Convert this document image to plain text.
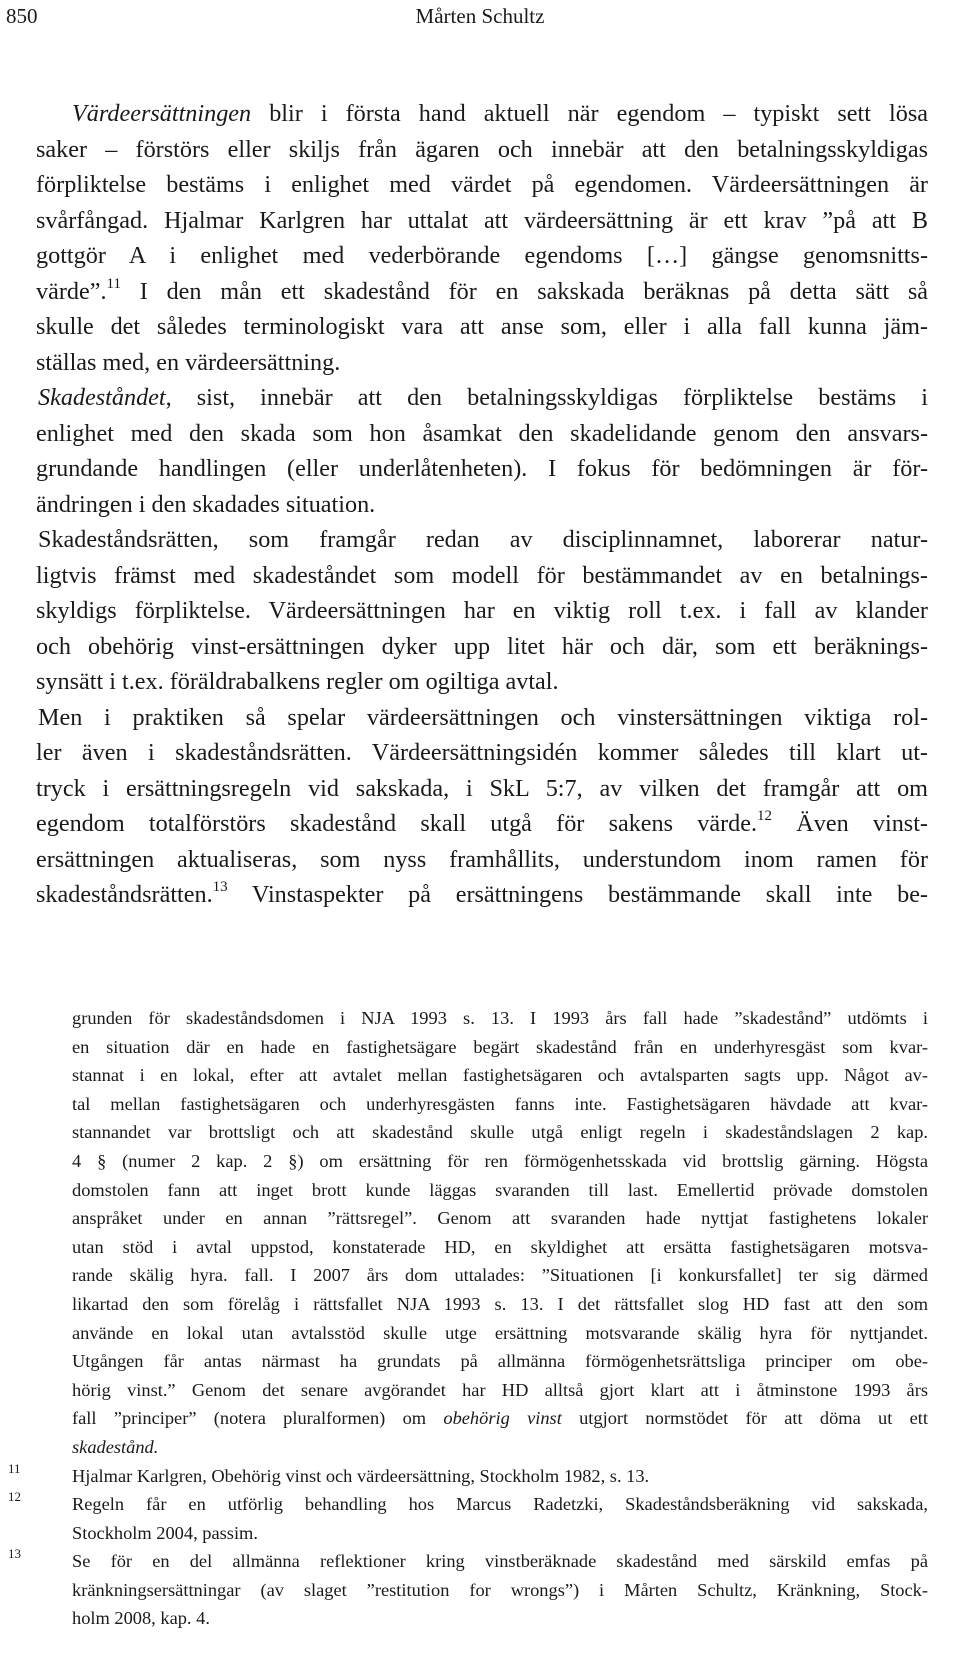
850	Mårten Schultz
Värdeersättningen blir i första hand aktuell när egendom – typiskt sett lösa
saker – förstörs eller skiljs från ägaren och innebär att den betalningsskyldigas
förpliktelse bestäms i enlighet med värdet på egendomen. Värdeersättningen är
svårfångad. Hjalmar Karlgren har uttalat att värdeersättning är ett krav ”på att B
gottgör A i enlighet med vederbörande egendoms […] gängse genomsnitts-
värde”.$^{11}$ I den mån ett skadestånd för en sakskada beräknas på detta sätt så
skulle det således terminologiskt vara att anse som, eller i alla fall kunna jäm-
ställas med, en värdeersättning.
Skadeståndet, sist, innebär att den betalningsskyldigas förpliktelse bestäms i
enlighet med den skada som hon åsamkat den skadelidande genom den ansvars-
grundande handlingen (eller underlåtenheten). I fokus för bedömningen är för-
ändringen i den skadades situation.
Skadeståndsrätten, som framgår redan av disciplinnamnet, laborerar natur-
ligtvis främst med skadeståndet som modell för bestämmandet av en betalnings-
skyldigs förpliktelse. Värdeersättningen har en viktig roll t.ex. i fall av klander
och obehörig vinst-ersättningen dyker upp litet här och där, som ett beräknings-
synsätt i t.ex. föräldrabalkens regler om ogiltiga avtal.
Men i praktiken så spelar värdeersättningen och vinstersättningen viktiga rol-
ler även i skadeståndsrätten. Värdeersättningsidén kommer således till klart ut-
tryck i ersättningsregeln vid sakskada, i SkL 5:7, av vilken det framgår att om
egendom totalförstörs skadestånd skall utgå för sakens värde.$^{12}$ Även vinst-
ersättningen aktualiseras, som nyss framhållits, understundom inom ramen för
skadeståndsrätten.$^{13}$ Vinstaspekter på ersättningens bestämmande skall inte be-
grunden för skadeståndsdomen i NJA 1993 s. 13. I 1993 års fall hade ”skadestånd” utdömts i
en situation där en hade en fastighetsägare begärt skadestånd från en underhyresgäst som kvar-
stannat i en lokal, efter att avtalet mellan fastighetsägaren och avtalsparten sagts upp. Något av-
tal mellan fastighetsägaren och underhyresgästen fanns inte. Fastighetsägaren hävdade att kvar-
stannandet var brottsligt och att skadestånd skulle utgå enligt regeln i skadeståndslagen 2 kap.
4 § (numer 2 kap. 2 §) om ersättning för ren förmögenhetsskada vid brottslig gärning. Högsta
domstolen fann att inget brott kunde läggas svaranden till last. Emellertid prövade domstolen
anspråket under en annan ”rättsregel”. Genom att svaranden hade nyttjat fastighetens lokaler
utan stöd i avtal uppstod, konstaterade HD, en skyldighet att ersätta fastighetsägaren motsva-
rande skälig hyra. fall. I 2007 års dom uttalades: ”Situationen [i konkursfallet] ter sig därmed
likartad den som förelåg i rättsfallet NJA 1993 s. 13. I det rättsfallet slog HD fast att den som
använde en lokal utan avtalsstöd skulle utge ersättning motsvarande skälig hyra för nyttjandet.
Utgången får antas närmast ha grundats på allmänna förmögenhetsrättsliga principer om obe-
hörig vinst.” Genom det senare avgörandet har HD alltså gjort klart att i åtminstone 1993 års
fall ”principer” (notera pluralformen) om obehörig vinst utgjort normstödet för att döma ut ett
skadestånd.
11	Hjalmar Karlgren, Obehörig vinst och värdeersättning, Stockholm 1982, s. 13.
12	Regeln får en utförlig behandling hos Marcus Radetzki, Skadeståndsberäkning vid sakskada,
Stockholm 2004, passim.
13	Se för en del allmänna reflektioner kring vinstberäknade skadestånd med särskild emfas på
kränkningsersättningar (av slaget ”restitution for wrongs”) i Mårten Schultz, Kränkning, Stock-
holm 2008, kap. 4.
